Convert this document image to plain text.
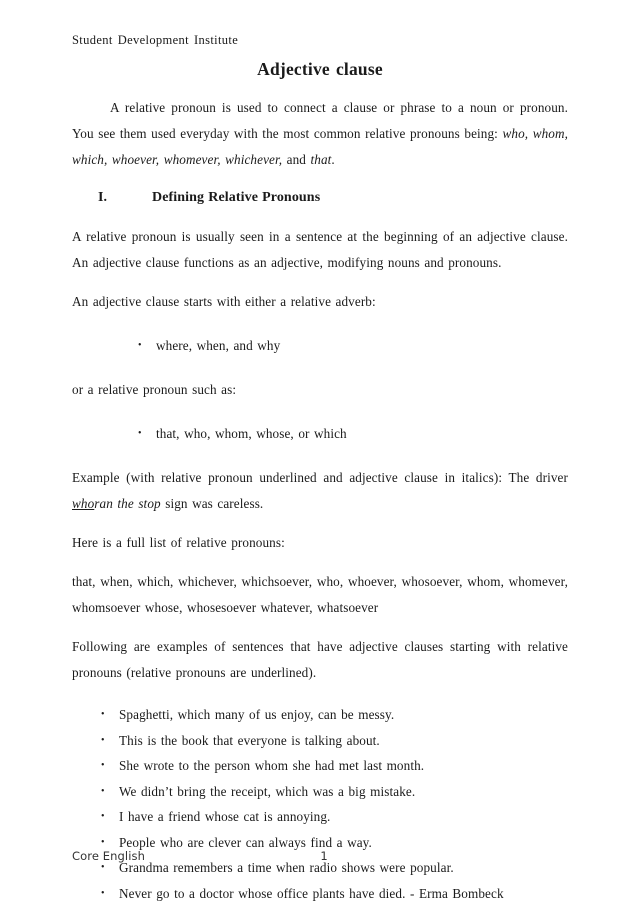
Student Development Institute
Adjective clause

A relative pronoun is used to connect a clause or phrase to a noun or pronoun. You see them used everyday with the most common relative pronouns being: who, whom, which, whoever, whomever, whichever, and that.

I.	Defining Relative Pronouns

A relative pronoun is usually seen in a sentence at the beginning of an adjective clause. An adjective clause functions as an adjective, modifying nouns and pronouns.

An adjective clause starts with either a relative adverb:

• where, when, and why

or a relative pronoun such as:

• that, who, whom, whose, or which

Example (with relative pronoun underlined and adjective clause in italics): The driver whoran the stop sign was careless.

Here is a full list of relative pronouns:

that, when, which, whichever, whichsoever, who, whoever, whosoever, whom, whomever, whomsoever whose, whosesoever whatever, whatsoever

Following are examples of sentences that have adjective clauses starting with relative pronouns (relative pronouns are underlined).

• Spaghetti, which many of us enjoy, can be messy.
• This is the book that everyone is talking about.
• She wrote to the person whom she had met last month.
• We didn’t bring the receipt, which was a big mistake.
• I have a friend whose cat is annoying.
• People who are clever can always find a way.
• Grandma remembers a time when radio shows were popular.
• Never go to a doctor whose office plants have died. - Erma Bombeck
Core English	1
